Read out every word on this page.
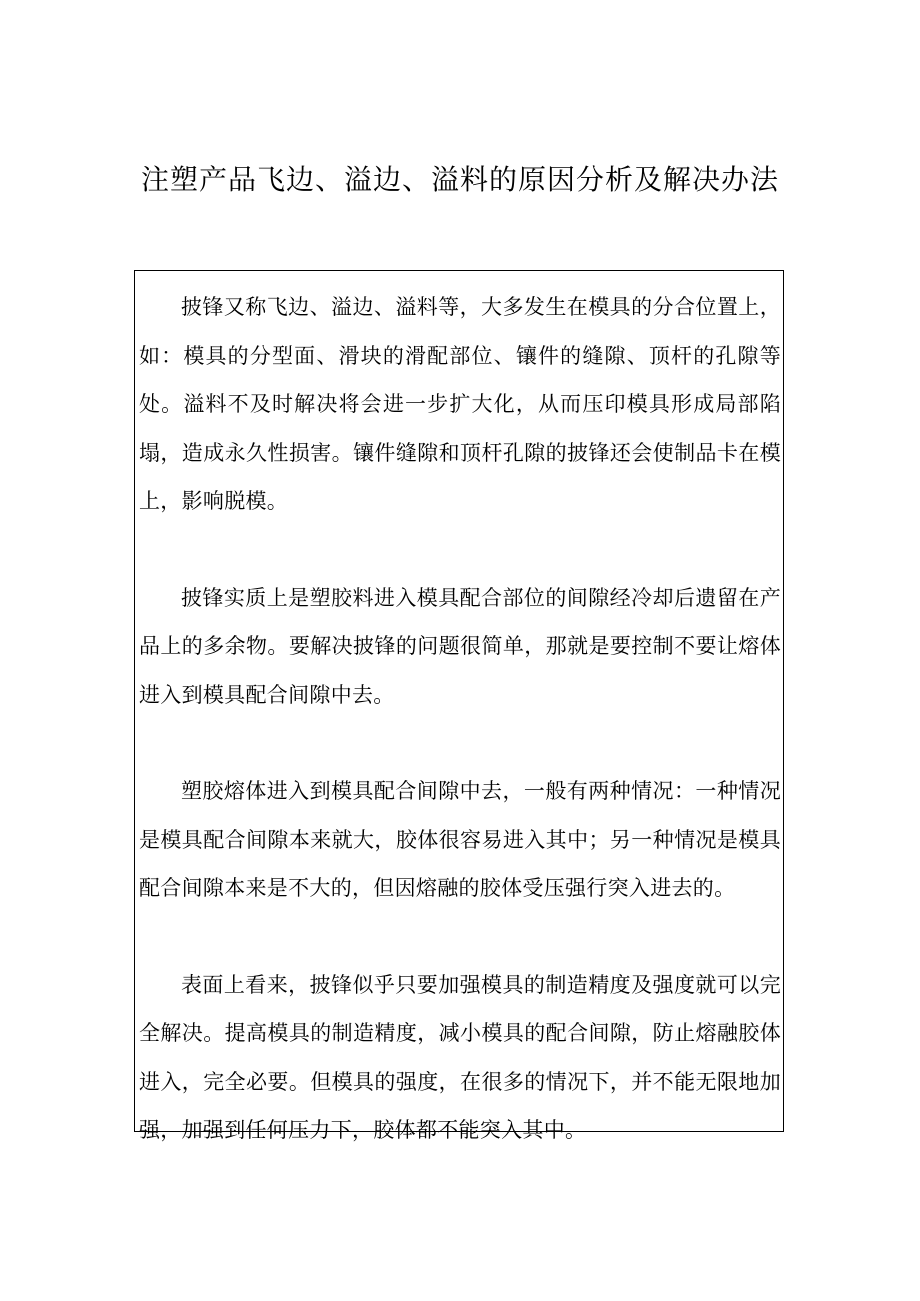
注塑产品飞边、溢边、溢料的原因分析及解决办法

披锋又称飞边、溢边、溢料等，大多发生在模具的分合位置上，如：模具的分型面、滑块的滑配部位、镶件的缝隙、顶杆的孔隙等处。溢料不及时解决将会进一步扩大化，从而压印模具形成局部陷塌，造成永久性损害。镶件缝隙和顶杆孔隙的披锋还会使制品卡在模上，影响脱模。

披锋实质上是塑胶料进入模具配合部位的间隙经冷却后遗留在产品上的多余物。要解决披锋的问题很简单，那就是要控制不要让熔体进入到模具配合间隙中去。

塑胶熔体进入到模具配合间隙中去，一般有两种情况：一种情况是模具配合间隙本来就大，胶体很容易进入其中；另一种情况是模具配合间隙本来是不大的，但因熔融的胶体受压强行突入进去的。

表面上看来，披锋似乎只要加强模具的制造精度及强度就可以完全解决。提高模具的制造精度，减小模具的配合间隙，防止熔融胶体进入，完全必要。但模具的强度，在很多的情况下，并不能无限地加强，加强到任何压力下，胶体都不能突入其中。
